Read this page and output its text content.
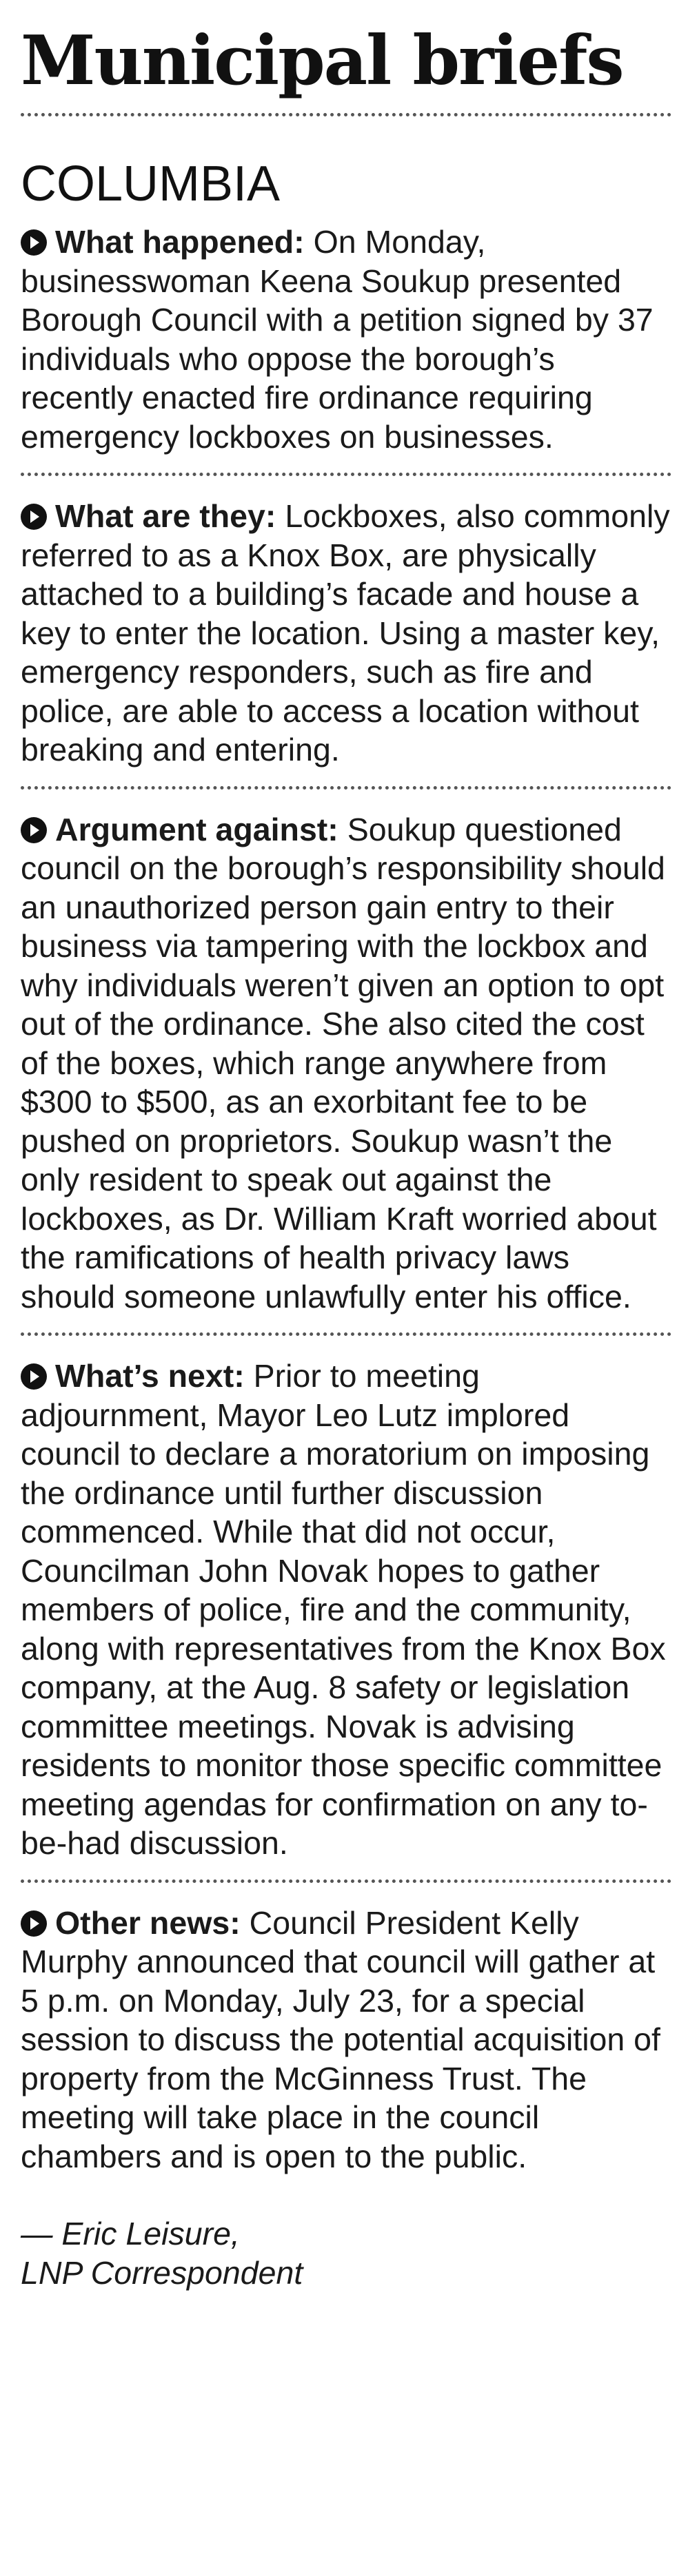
Municipal briefs
COLUMBIA

What happened: On Monday, businesswoman Keena Soukup presented Borough Council with a petition signed by 37 individuals who oppose the borough’s recently enacted fire ordinance requiring emergency lockboxes on businesses.

What are they: Lockboxes, also commonly referred to as a Knox Box, are physically attached to a building’s facade and house a key to enter the location. Using a master key, emergency responders, such as fire and police, are able to access a location without breaking and entering.

Argument against: Soukup questioned council on the borough’s responsibility should an unauthorized person gain entry to their business via tampering with the lockbox and why individuals weren’t given an option to opt out of the ordinance. She also cited the cost of the boxes, which range anywhere from $300 to $500, as an exorbitant fee to be pushed on proprietors. Soukup wasn’t the only resident to speak out against the lockboxes, as Dr. William Kraft worried about the ramifications of health privacy laws should someone unlawfully enter his office.

What’s next: Prior to meeting adjournment, Mayor Leo Lutz implored council to declare a moratorium on imposing the ordinance until further discussion commenced. While that did not occur, Councilman John Novak hopes to gather members of police, fire and the community, along with representatives from the Knox Box company, at the Aug. 8 safety or legislation committee meetings. Novak is advising residents to monitor those specific committee meeting agendas for confirmation on any to-be-had discussion.

Other news: Council President Kelly Murphy announced that council will gather at 5 p.m. on Monday, July 23, for a special session to discuss the potential acquisition of property from the McGinness Trust. The meeting will take place in the council chambers and is open to the public.

— Eric Leisure,
LNP Correspondent
